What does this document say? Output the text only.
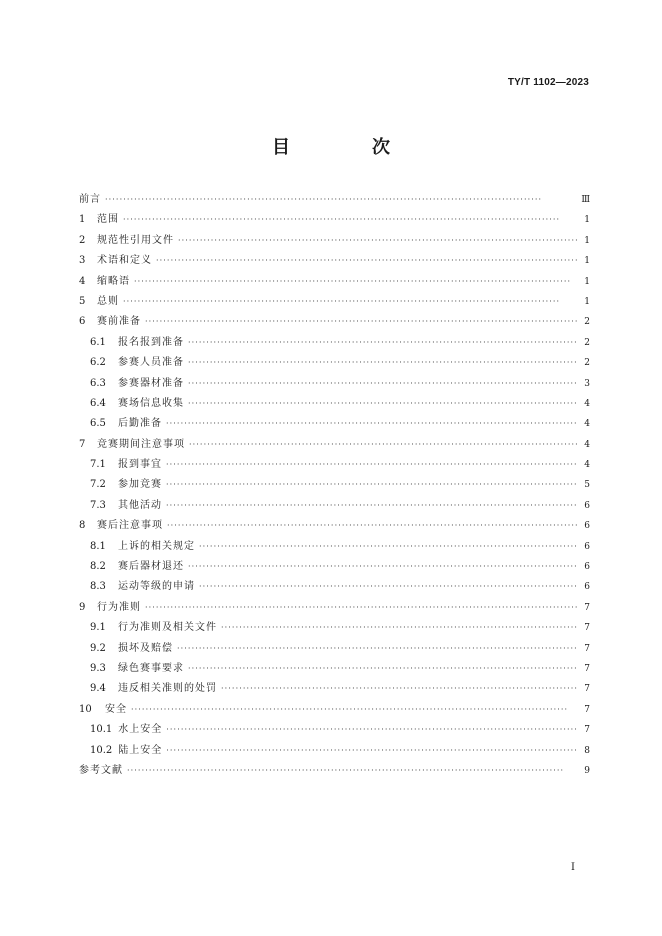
TY/T 1102—2023
目　次
前言 ·····	Ⅲ
1	范围 ·····	1
2	规范性引用文件 ·····	1
3	术语和定义 ·····	1
4	缩略语 ·····	1
5	总则 ·····	1
6	赛前准备 ·····	2
6.1	报名报到准备 ·····	2
6.2	参赛人员准备 ·····	2
6.3	参赛器材准备 ·····	3
6.4	赛场信息收集 ·····	4
6.5	后勤准备 ·····	4
7	竞赛期间注意事项 ·····	4
7.1	报到事宜 ·····	4
7.2	参加竞赛 ·····	5
7.3	其他活动 ·····	6
8	赛后注意事项 ·····	6
8.1	上诉的相关规定 ·····	6
8.2	赛后器材退还 ·····	6
8.3	运动等级的申请 ·····	6
9	行为准则 ·····	7
9.1	行为准则及相关文件 ·····	7
9.2	损坏及赔偿 ·····	7
9.3	绿色赛事要求 ·····	7
9.4	违反相关准则的处罚 ·····	7
10	安全 ·····	7
10.1 水上安全 ·····	7
10.2 陆上安全 ·····	8
参考文献 ·····	9
I
